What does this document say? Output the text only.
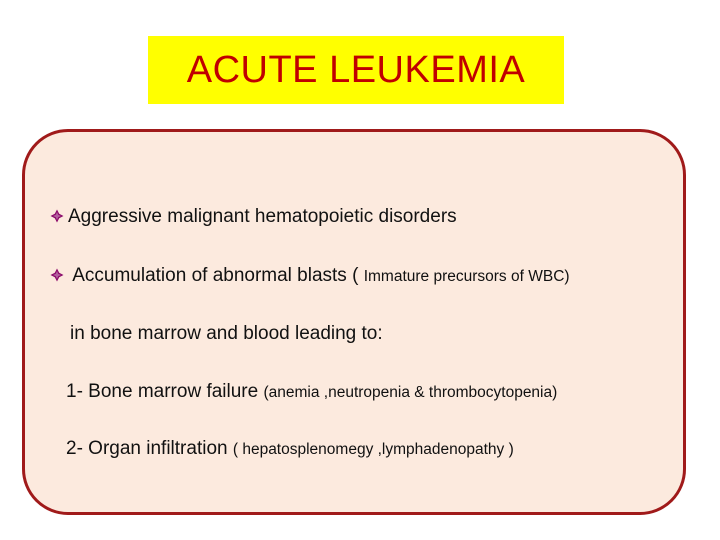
ACUTE LEUKEMIA
Aggressive malignant hematopoietic disorders
Accumulation of abnormal blasts ( Immature precursors of WBC)
in bone marrow and blood leading to:
1- Bone marrow failure (anemia ,neutropenia & thrombocytopenia)
2- Organ infiltration ( hepatosplenomegy ,lymphadenopathy )
